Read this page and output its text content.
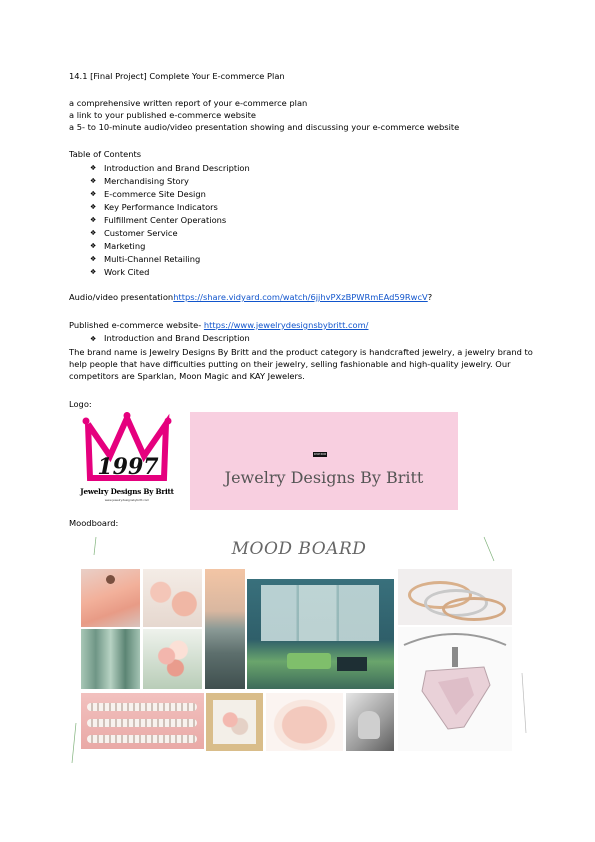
14.1 [Final Project] Complete Your E-commerce Plan
a comprehensive written report of your e-commerce plan
a link to your published e-commerce website
a 5- to 10-minute audio/video presentation showing and discussing your e-commerce website
Table of Contents
❖ Introduction and Brand Description
❖ Merchandising Story
❖ E-commerce Site Design
❖ Key Performance Indicators
❖ Fulfillment Center Operations
❖ Customer Service
❖ Marketing
❖ Multi-Channel Retailing
❖ Work Cited
Audio/video presentationhttps://share.vidyard.com/watch/6jjhvPXzBPWRmEAd59RwcV?
Published e-commerce website- https://www.jewelrydesignsbybritt.com/
❖ Introduction and Brand Description
The brand name is Jewelry Designs By Britt and the product category is handcrafted jewelry, a jewelry brand to help people that have difficulties putting on their jewelry, selling fashionable and high-quality jewelry. Our competitors are Sparklan, Moon Magic and KAY Jewelers.
Logo:
1997
Jewelry Designs By Britt
www.jewelrydesignsbybritt.com
SHOP NOW
Jewelry Designs By Britt
Moodboard:
MOOD BOARD
